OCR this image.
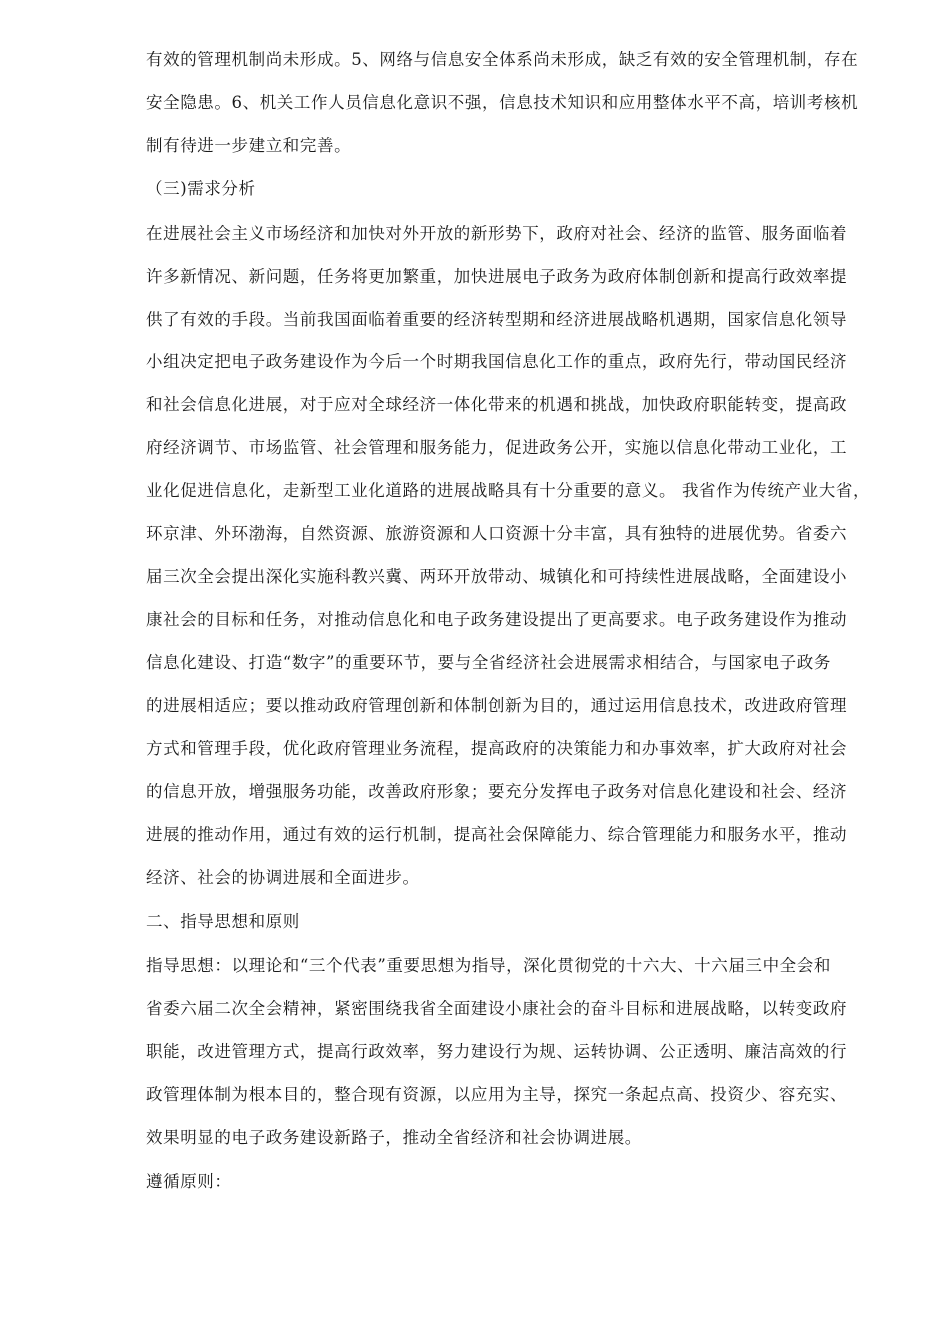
有效的管理机制尚未形成。5、网络与信息安全体系尚未形成，缺乏有效的安全管理机制，存在
安全隐患。6、机关工作人员信息化意识不强，信息技术知识和应用整体水平不高，培训考核机
制有待进一步建立和完善。
（三)需求分析
在进展社会主义市场经济和加快对外开放的新形势下，政府对社会、经济的监管、服务面临着
许多新情况、新问题，任务将更加繁重，加快进展电子政务为政府体制创新和提高行政效率提
供了有效的手段。当前我国面临着重要的经济转型期和经济进展战略机遇期，国家信息化领导
小组决定把电子政务建设作为今后一个时期我国信息化工作的重点，政府先行，带动国民经济
和社会信息化进展，对于应对全球经济一体化带来的机遇和挑战，加快政府职能转变，提高政
府经济调节、市场监管、社会管理和服务能力，促进政务公开，实施以信息化带动工业化，工
业化促进信息化，走新型工业化道路的进展战略具有十分重要的意义。 我省作为传统产业大省，
环京津、外环渤海，自然资源、旅游资源和人口资源十分丰富，具有独特的进展优势。省委六
届三次全会提出深化实施科教兴冀、两环开放带动、城镇化和可持续性进展战略，全面建设小
康社会的目标和任务，对推动信息化和电子政务建设提出了更高要求。电子政务建设作为推动
信息化建设、打造“数字”的重要环节，要与全省经济社会进展需求相结合，与国家电子政务
的进展相适应；要以推动政府管理创新和体制创新为目的，通过运用信息技术，改进政府管理
方式和管理手段，优化政府管理业务流程，提高政府的决策能力和办事效率，扩大政府对社会
的信息开放，增强服务功能，改善政府形象；要充分发挥电子政务对信息化建设和社会、经济
进展的推动作用，通过有效的运行机制，提高社会保障能力、综合管理能力和服务水平，推动
经济、社会的协调进展和全面进步。
二、指导思想和原则
指导思想：以理论和“三个代表”重要思想为指导，深化贯彻党的十六大、十六届三中全会和
省委六届二次全会精神，紧密围绕我省全面建设小康社会的奋斗目标和进展战略，以转变政府
职能，改进管理方式，提高行政效率，努力建设行为规、运转协调、公正透明、廉洁高效的行
政管理体制为根本目的，整合现有资源，以应用为主导，探究一条起点高、投资少、容充实、
效果明显的电子政务建设新路子，推动全省经济和社会协调进展。
遵循原则：
